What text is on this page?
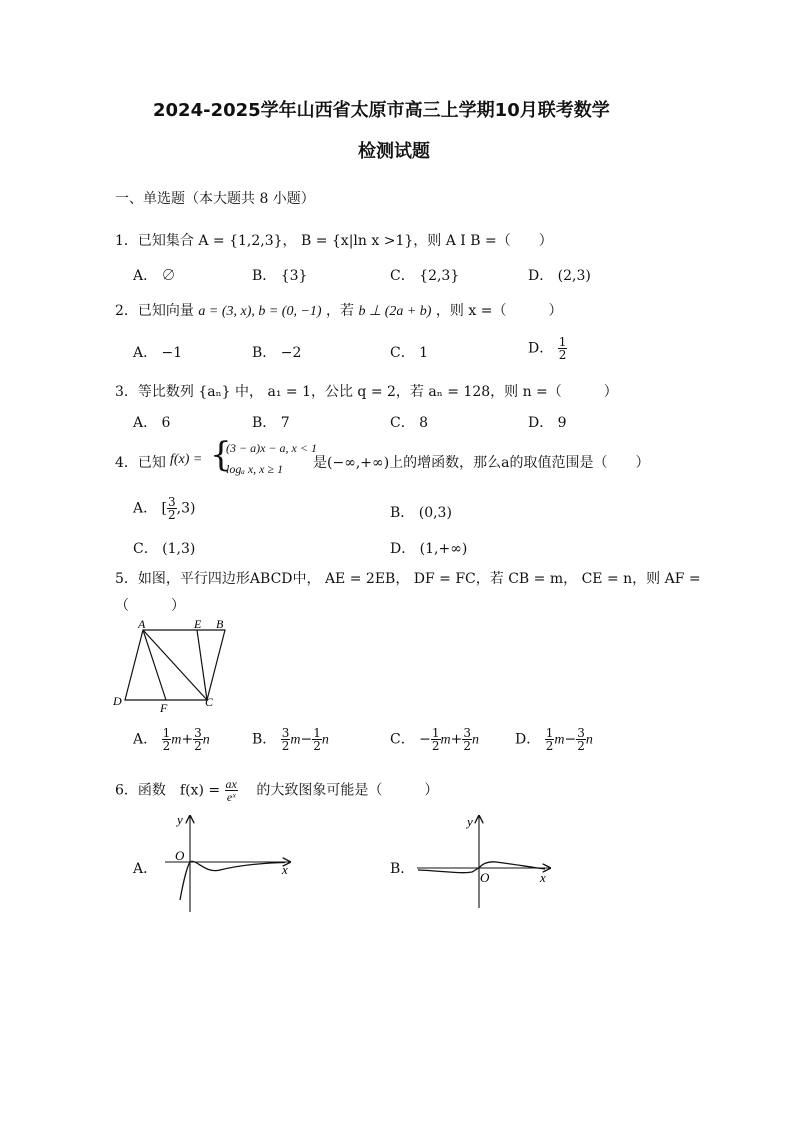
2024-2025学年山西省太原市高三上学期10月联考数学
检测试题
一、单选题（本大题共 8 小题）
1．已知集合 A = {1,2,3}， B = {x|ln x >1}，则 A I B =（　　）
A． ∅	B． {3}	C． {2,3}	D． (2,3)
2．已知向量 a = (3, x), b = (0, −1) ，若 b ⊥ (2a + b) ，则 x =（　　　）
A． −1	B． −2	C． 1	D． $\frac{1}{2}$
3．等比数列 {aₙ} 中， a₁ = 1，公比 q = 2，若 aₙ = 128，则 n =（　　　）
A． 6	B． 7	C． 8	D． 9
4．已知 f(x) = {
(3 − a)x − a, x < 1
logₐ x, x ≥ 1 是(−∞,+∞)上的增函数，那么a的取值范围是（　　）
A． [ $\frac{3}{2} ,3$)	B． (0,3)
C． (1,3)	D． (1,+∞)
5．如图，平行四边形ABCD中， AE = 2EB， DF = FC，若 CB = m， CE = n，则 AF =
（　　　）
A	E B
D	F	C
A． $\frac{1}{2} m+ \frac{3}{2}$ n	B． $\frac{3}{2} m- \frac{1}{2}$ n	C． − $\frac{1}{2} m+ \frac{3}{2}$ n	D． $\frac{1}{2} m- \frac{3}{2}$ n
6．函数　$f(x) = \frac{ax}{\text{eˣ}}$ 　的大致图象可能是（　　　）
A．
O
x
y
B．
O	x
y
